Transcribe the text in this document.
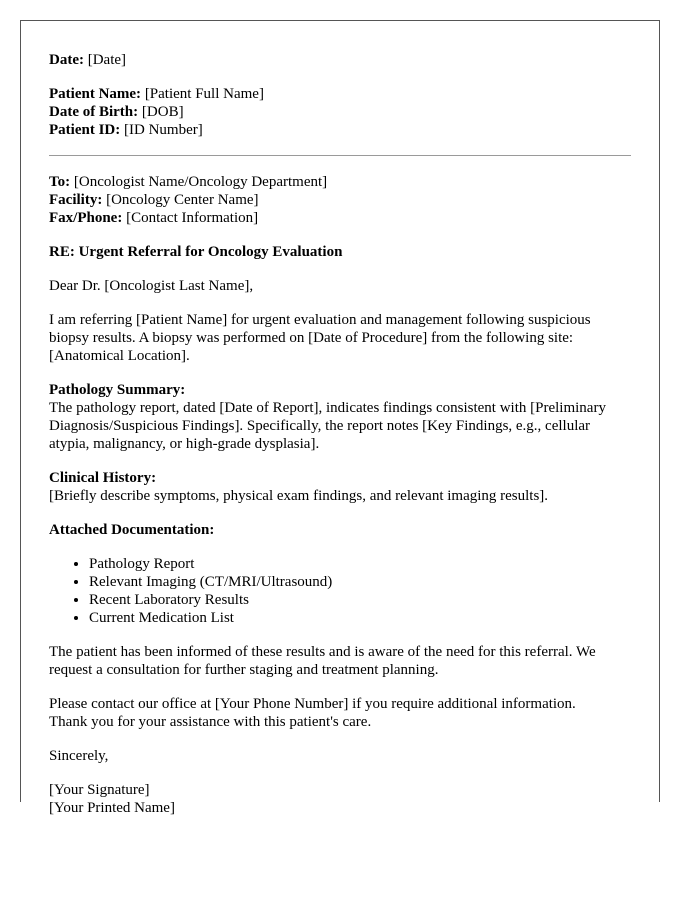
Date: [Date]

Patient Name: [Patient Full Name]
Date of Birth: [DOB]
Patient ID: [ID Number]

To: [Oncologist Name/Oncology Department]
Facility: [Oncology Center Name]
Fax/Phone: [Contact Information]

RE: Urgent Referral for Oncology Evaluation

Dear Dr. [Oncologist Last Name],

I am referring [Patient Name] for urgent evaluation and management following suspicious biopsy results. A biopsy was performed on [Date of Procedure] from the following site: [Anatomical Location].

Pathology Summary:
The pathology report, dated [Date of Report], indicates findings consistent with [Preliminary Diagnosis/Suspicious Findings]. Specifically, the report notes [Key Findings, e.g., cellular atypia, malignancy, or high-grade dysplasia].

Clinical History:
[Briefly describe symptoms, physical exam findings, and relevant imaging results].

Attached Documentation:

• Pathology Report
• Relevant Imaging (CT/MRI/Ultrasound)
• Recent Laboratory Results
• Current Medication List

The patient has been informed of these results and is aware of the need for this referral. We request a consultation for further staging and treatment planning.

Please contact our office at [Your Phone Number] if you require additional information.
Thank you for your assistance with this patient's care.

Sincerely,

[Your Signature]
[Your Printed Name]
